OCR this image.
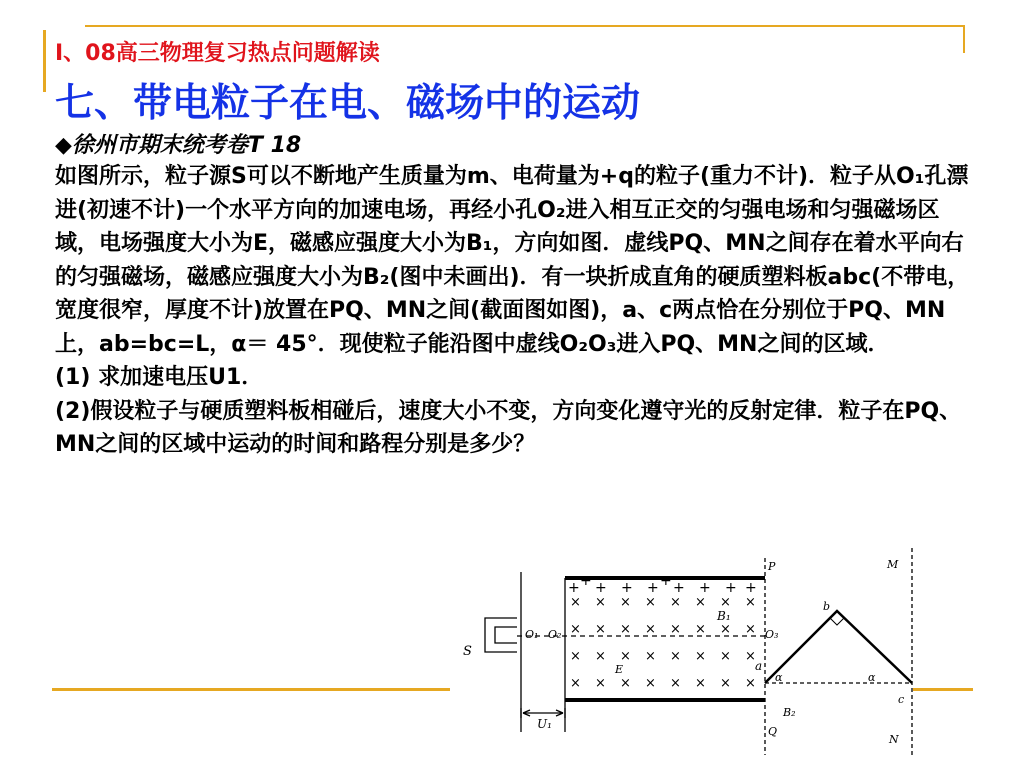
Ⅰ、08高三物理复习热点问题解读
七、带电粒子在电、磁场中的运动
◆徐州市期末统考卷T 18

如图所示，粒子源S可以不断地产生质量为m、电荷量为+q的粒子(重力不计)．粒子从O₁孔漂进(初速不计)一个水平方向的加速电场，再经小孔O₂进入相互正交的匀强电场和匀强磁场区域，电场强度大小为E，磁感应强度大小为B₁，方向如图．虚线PQ、MN之间存在着水平向右的匀强磁场，磁感应强度大小为B₂(图中未画出)．有一块折成直角的硬质塑料板abc(不带电，宽度很窄，厚度不计)放置在PQ、MN之间(截面图如图)，a、c两点恰在分别位于PQ、MN上，ab=bc=L，α＝ 45°．现使粒子能沿图中虚线O₂O₃进入PQ、MN之间的区域．

(1) 求加速电压U1．

(2)假设粒子与硬质塑料板相碰后，速度大小不变，方向变化遵守光的反射定律．粒子在PQ、MN之间的区域中运动的时间和路程分别是多少？

S
O₁ O₂	O₃
B₁
E
P
Q
M
N
a
b
c
B₂
α	α
U₁
+ + + + + + + +
+	+
× × × × × × × ×
× × × × × × × ×
× × × × × × × ×
× × × × × × × ×
